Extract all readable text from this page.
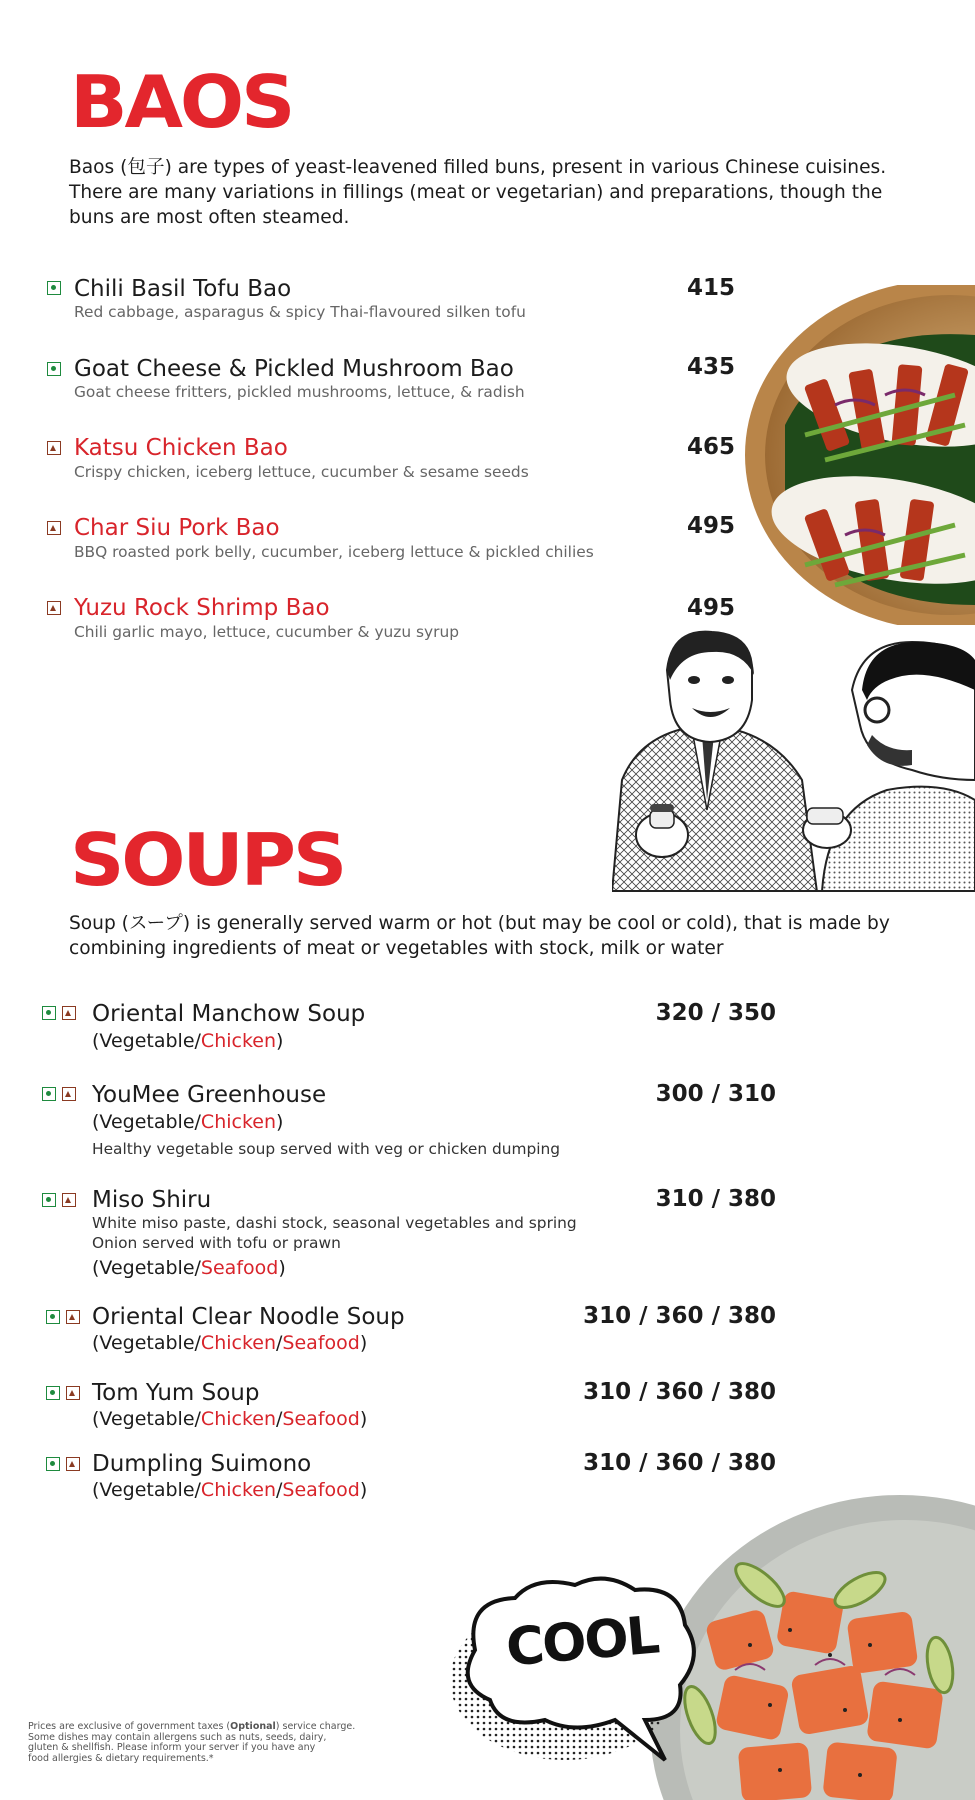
BAOS

Baos (包子) are types of yeast-leavened filled buns, present in various Chinese cuisines. There are many variations in fillings (meat or vegetarian) and preparations, though the buns are most often steamed.

Chili Basil Tofu Bao
Red cabbage, asparagus & spicy Thai-flavoured silken tofu
415
Goat Cheese & Pickled Mushroom Bao
Goat cheese fritters, pickled mushrooms, lettuce, & radish
435
Katsu Chicken Bao
Crispy chicken, iceberg lettuce, cucumber & sesame seeds
465
Char Siu Pork Bao
BBQ roasted pork belly, cucumber, iceberg lettuce & pickled chilies
495
Yuzu Rock Shrimp Bao
Chili garlic mayo, lettuce, cucumber & yuzu syrup
495
SOUPS

Soup (スープ) is generally served warm or hot (but may be cool or cold), that is made by combining ingredients of meat or vegetables with stock, milk or water

Oriental Manchow Soup	320 / 350
(Vegetable/Chicken)
YouMee Greenhouse	300 / 310
(Vegetable/Chicken)
Healthy vegetable soup served with veg or chicken dumping
Miso Shiru	310 / 380
White miso paste, dashi stock, seasonal vegetables and spring
Onion served with tofu or prawn
(Vegetable/Seafood)
Oriental Clear Noodle Soup	310 / 360 / 380
(Vegetable/Chicken/Seafood)
Tom Yum Soup	310 / 360 / 380
(Vegetable/Chicken/Seafood)
Dumpling Suimono	310 / 360 / 380
(Vegetable/Chicken/Seafood)
COOL
Prices are exclusive of government taxes (Optional) service charge.
Some dishes may contain allergens such as nuts, seeds, dairy,
gluten & shellfish. Please inform your server if you have any
food allergies & dietary requirements.*
